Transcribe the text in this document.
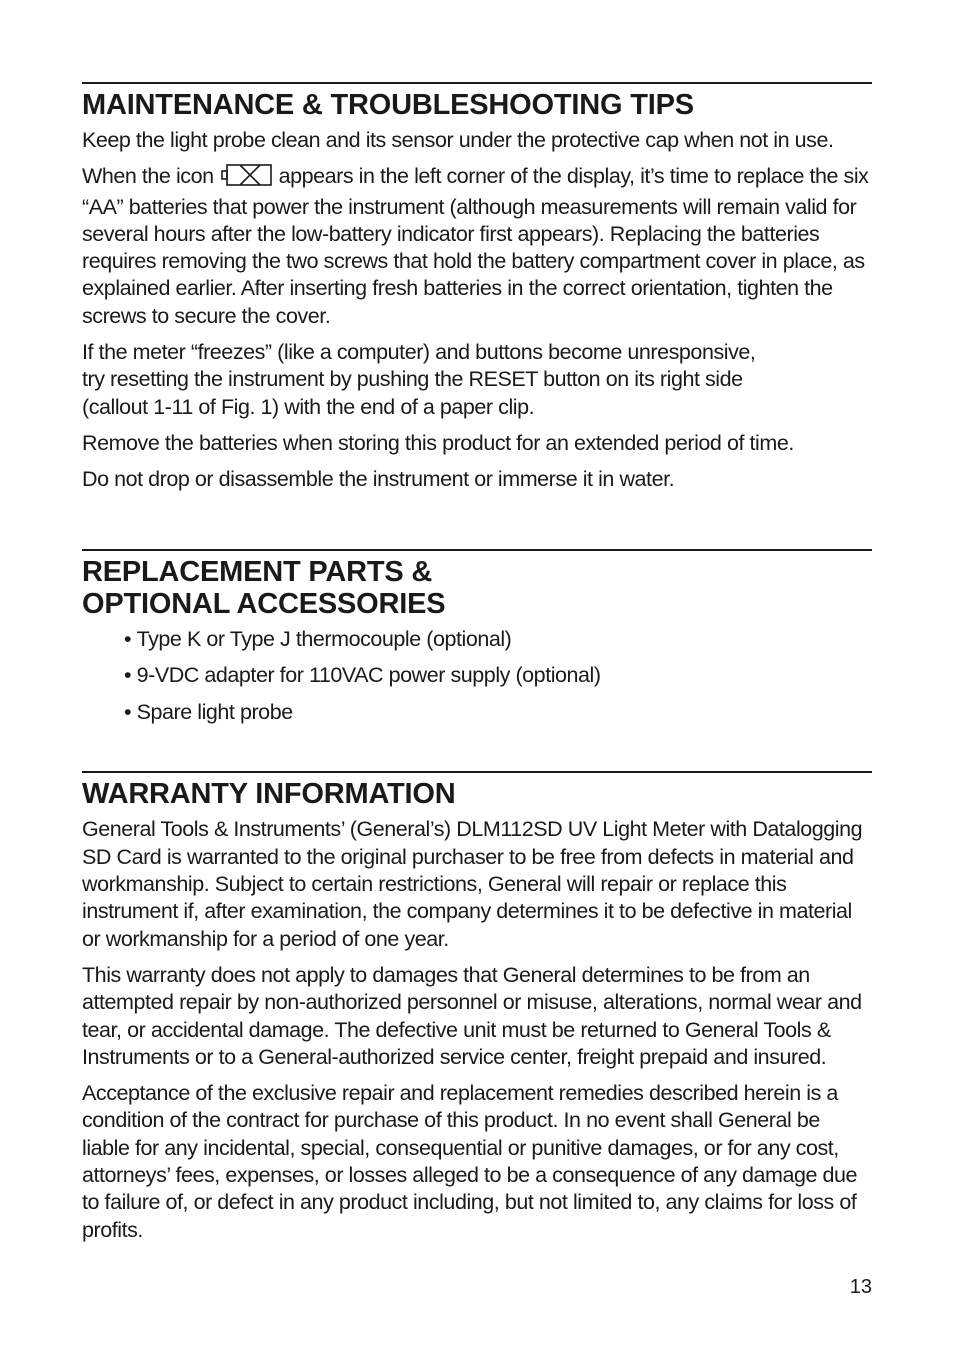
MAINTENANCE & TROUBLESHOOTING TIPS

Keep the light probe clean and its sensor under the protective cap when not in use.

When the icon	appears in the left corner of the display, it’s time to replace the six “AA” batteries that power the instrument (although measurements will remain valid for several hours after the low-battery indicator first appears). Replacing the batteries requires removing the two screws that hold the battery compartment cover in place, as explained earlier. After inserting fresh batteries in the correct orientation, tighten the screws to secure the cover.

If the meter “freezes” (like a computer) and buttons become unresponsive,
try resetting the instrument by pushing the RESET button on its right side
(callout 1-11 of Fig. 1) with the end of a paper clip.

Remove the batteries when storing this product for an extended period of time.

Do not drop or disassemble the instrument or immerse it in water.

REPLACEMENT PARTS &
OPTIONAL ACCESSORIES
• Type K or Type J thermocouple (optional)
• 9-VDC adapter for 110VAC power supply (optional)
• Spare light probe
WARRANTY INFORMATION

General Tools & Instruments’ (General’s) DLM112SD UV Light Meter with Datalogging SD Card is warranted to the original purchaser to be free from defects in material and workmanship. Subject to certain restrictions, General will repair or replace this instrument if, after examination, the company determines it to be defective in material or workmanship for a period of one year.

This warranty does not apply to damages that General determines to be from an attempted repair by non-authorized personnel or misuse, alterations, normal wear and tear, or accidental damage. The defective unit must be returned to General Tools & Instruments or to a General-authorized service center, freight prepaid and insured.

Acceptance of the exclusive repair and replacement remedies described herein is a condition of the contract for purchase of this product. In no event shall General be liable for any incidental, special, consequential or punitive damages, or for any cost, attorneys’ fees, expenses, or losses alleged to be a consequence of any damage due to failure of, or defect in any product including, but not limited to, any claims for loss of profits.

13
